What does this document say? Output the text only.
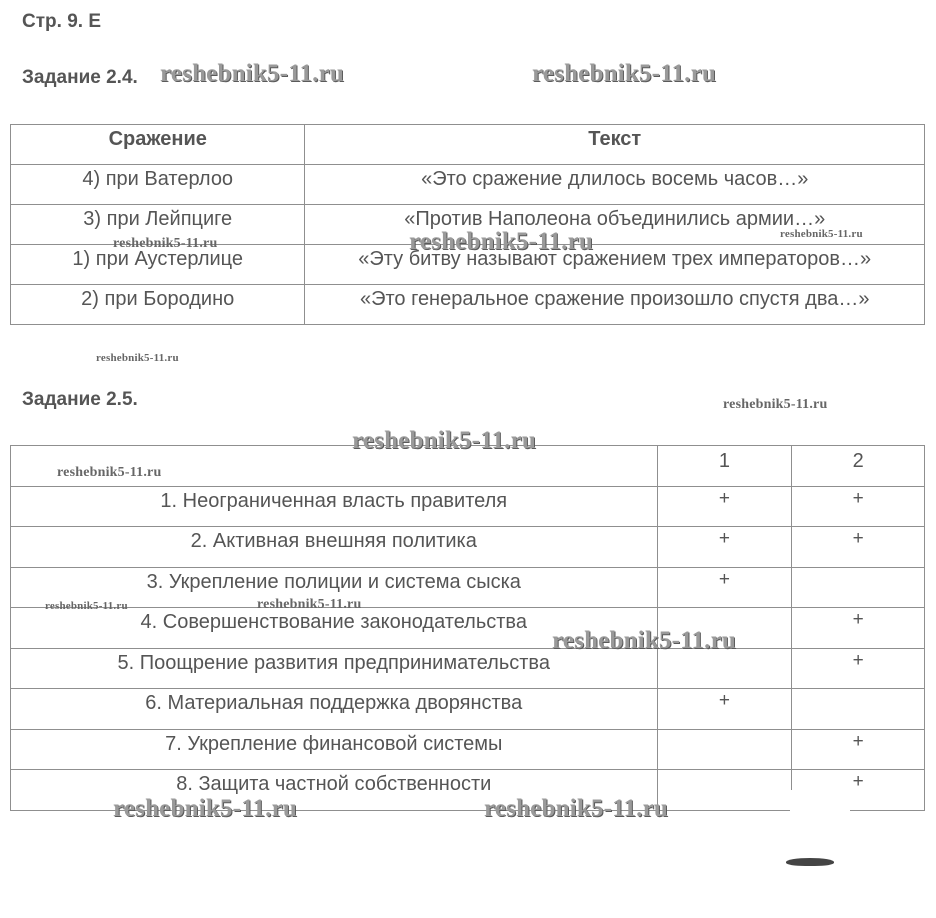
Стр. 9. Е
Задание 2.4.
Сражение	Текст
4) при Ватерлоо	«Это сражение длилось восемь часов…»
3) при Лейпциге	«Против Наполеона объединились армии…»
1) при Аустерлице	«Эту битву называют сражением трех императоров…»
2) при Бородино	«Это генеральное сражение произошло спустя два…»
Задание 2.5.
	1	2
1. Неограниченная власть правителя	+	+
2. Активная внешняя политика	+	+
3. Укрепление полиции и система сыска	+	
4. Совершенствование законодательства		+
5. Поощрение развития предпринимательства		+
6. Материальная поддержка дворянства	+	
7. Укрепление финансовой системы		+
8. Защита частной собственности		+
reshebnik5-11.ru	reshebnik5-11.ru
reshebnik5-11.ru	reshebnik5-11.ru	reshebnik5-11.ru
reshebnik5-11.ru
reshebnik5-11.ru
reshebnik5-11.ru
reshebnik5-11.ru
reshebnik5-11.ru	reshebnik5-11.ru
reshebnik5-11.ru
reshebnik5-11.ru	reshebnik5-11.ru
